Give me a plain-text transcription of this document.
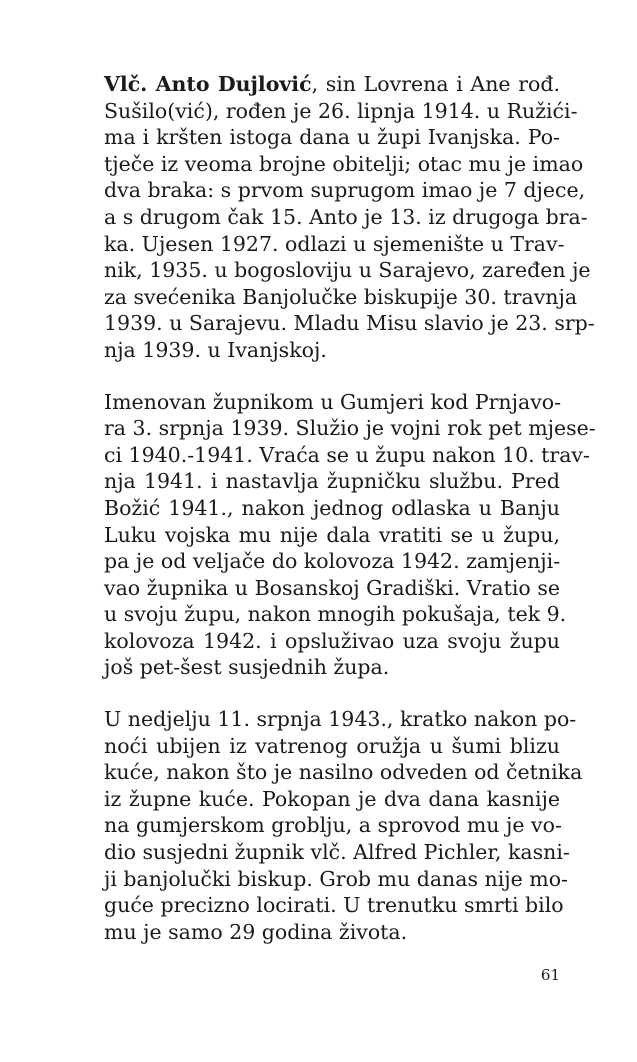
Vlč. Anto Dujlović, sin Lovrena i Ane rođ.
Sušilo(vić), rođen je 26. lipnja 1914. u Ružići-
ma i kršten istoga dana u župi Ivanjska. Po-
tječe iz veoma brojne obitelji; otac mu je imao
dva braka: s prvom suprugom imao je 7 djece,
a s drugom čak 15. Anto je 13. iz drugoga bra-
ka. Ujesen 1927. odlazi u sjemenište u Trav-
nik, 1935. u bogosloviju u Sarajevo, zaređen je
za svećenika Banjolučke biskupije 30. travnja
1939. u Sarajevu. Mladu Misu slavio je 23. srp-
nja 1939. u Ivanjskoj.
Imenovan župnikom u Gumjeri kod Prnjavo-
ra 3. srpnja 1939. Služio je vojni rok pet mjese-
ci 1940.-1941. Vraća se u župu nakon 10. trav-
nja 1941. i nastavlja župničku službu. Pred
Božić 1941., nakon jednog odlaska u Banju
Luku vojska mu nije dala vratiti se u župu,
pa je od veljače do kolovoza 1942. zamjenji-
vao župnika u Bosanskoj Gradiški. Vratio se
u svoju župu, nakon mnogih pokušaja, tek 9.
kolovoza 1942. i opsluživao uza svoju župu
još pet-šest susjednih župa.
U nedjelju 11. srpnja 1943., kratko nakon po-
noći ubijen iz vatrenog oružja u šumi blizu
kuće, nakon što je nasilno odveden od četnika
iz župne kuće. Pokopan je dva dana kasnije
na gumjerskom groblju, a sprovod mu je vo-
dio susjedni župnik vlč. Alfred Pichler, kasni-
ji banjolučki biskup. Grob mu danas nije mo-
guće precizno locirati. U trenutku smrti bilo
mu je samo 29 godina života.
61
